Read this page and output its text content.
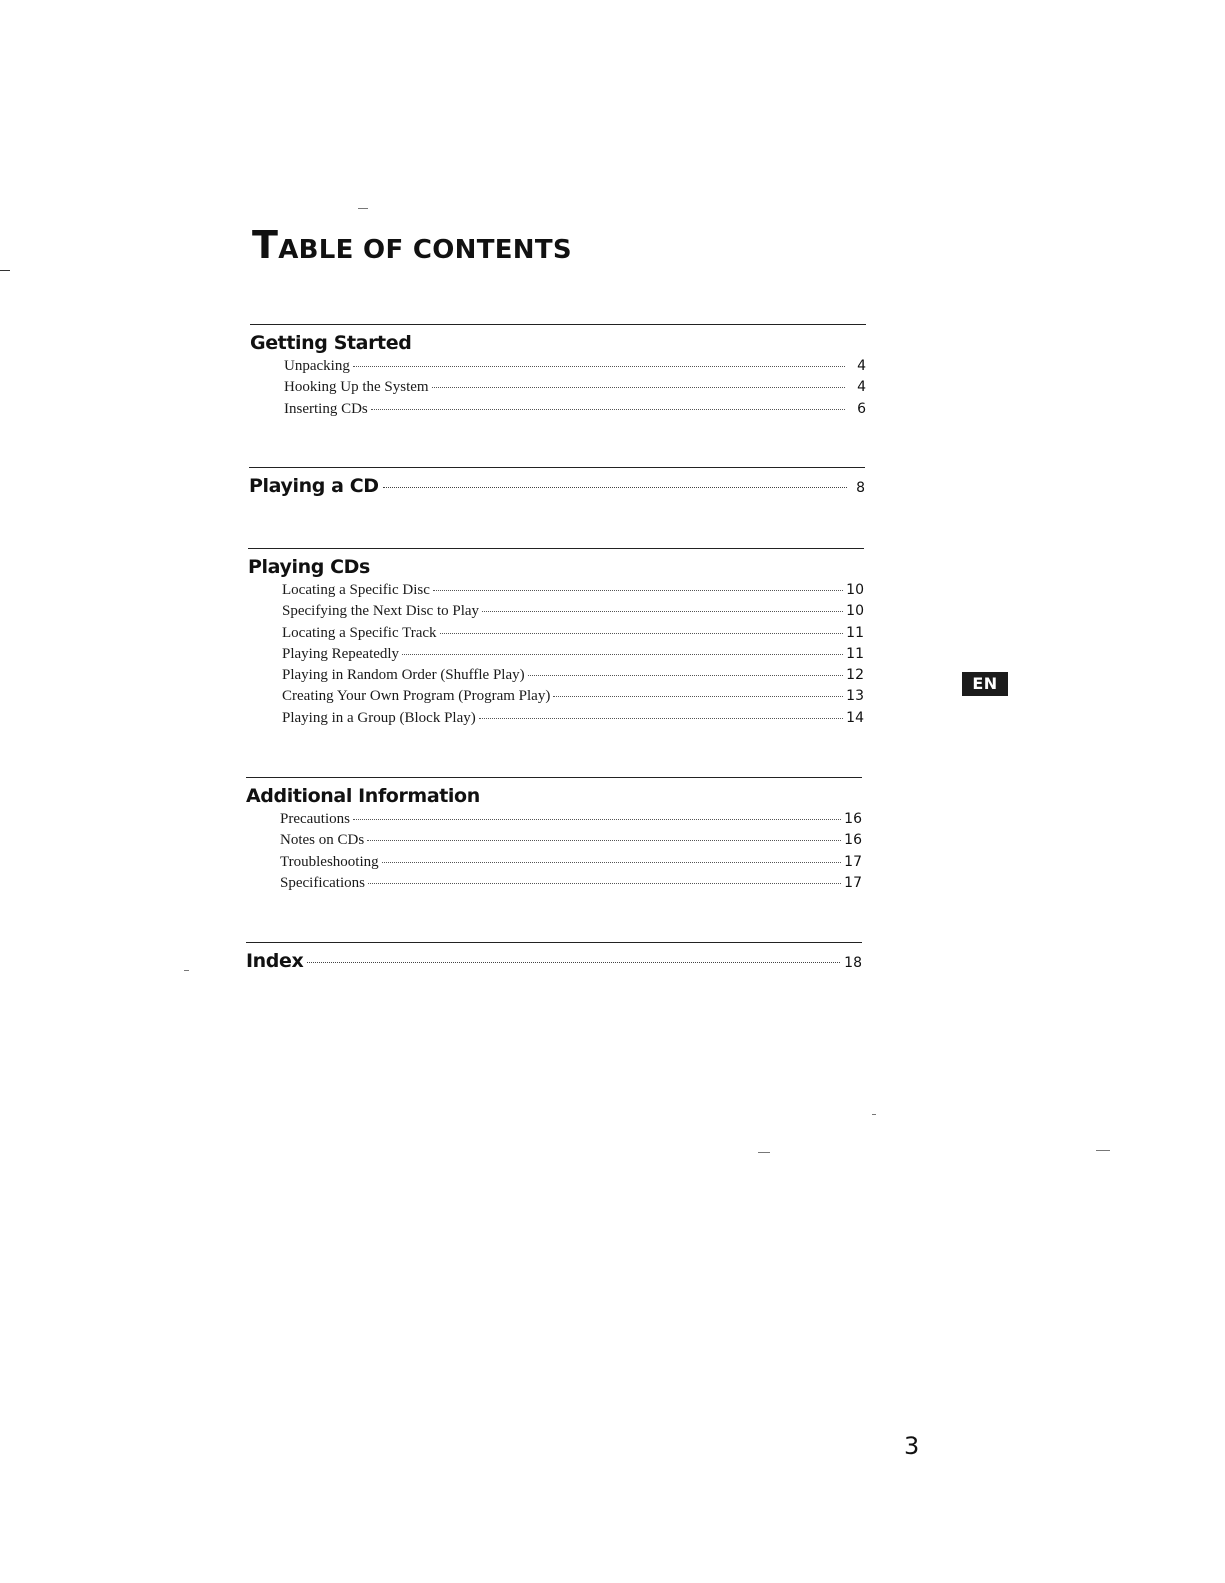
TABLE OF CONTENTS
Getting Started
Unpacking	4
Hooking Up the System	4
Inserting CDs	6
Playing a CD	8
Playing CDs
Locating a Specific Disc	10
Specifying the Next Disc to Play	10
Locating a Specific Track	11
Playing Repeatedly	11
Playing in Random Order (Shuffle Play)	12
Creating Your Own Program (Program Play)	13
Playing in a Group (Block Play)	14
Additional Information
Precautions	16
Notes on CDs	16
Troubleshooting	17
Specifications	17
Index	18
EN
3
